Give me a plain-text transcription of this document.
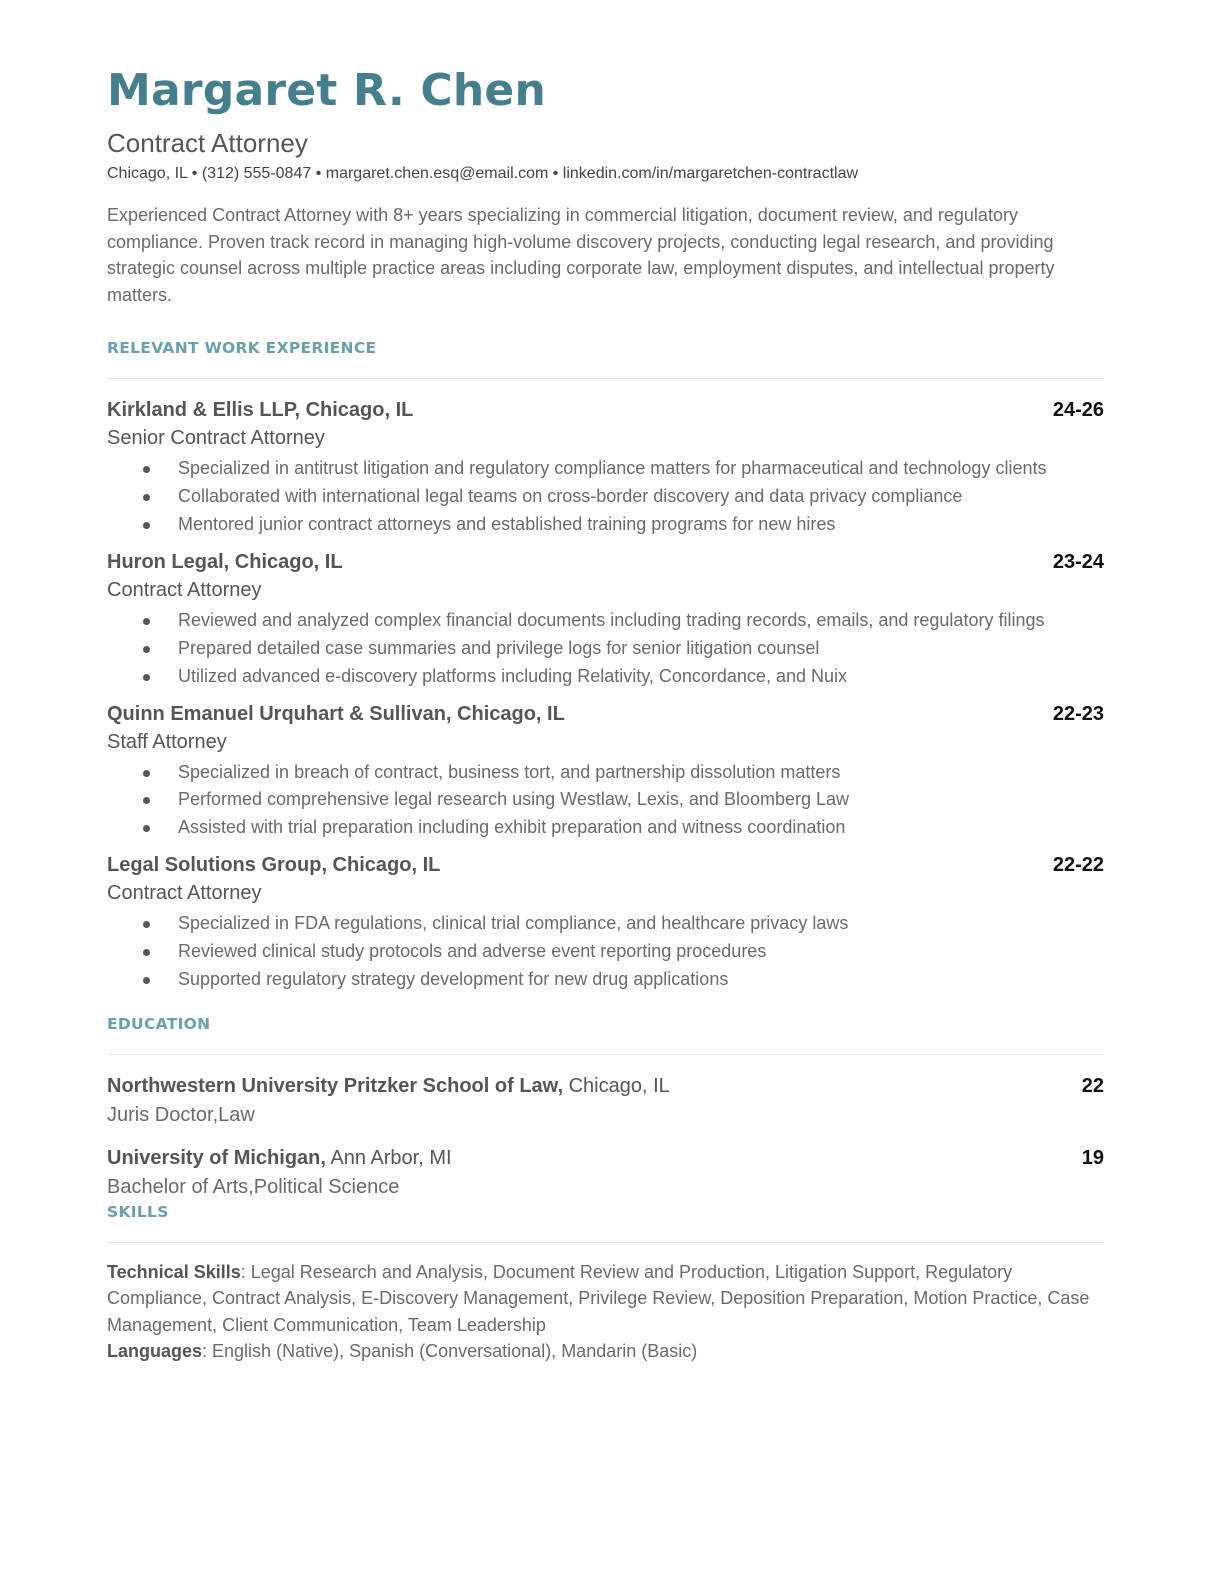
Margaret R. Chen
Contract Attorney
Chicago, IL • (312) 555-0847 • margaret.chen.esq@email.com • linkedin.com/in/margaretchen-contractlaw
Experienced Contract Attorney with 8+ years specializing in commercial litigation, document review, and regulatory compliance. Proven track record in managing high-volume discovery projects, conducting legal research, and providing strategic counsel across multiple practice areas including corporate law, employment disputes, and intellectual property matters.
RELEVANT WORK EXPERIENCE
Kirkland & Ellis LLP, Chicago, IL	24-26
Senior Contract Attorney
Specialized in antitrust litigation and regulatory compliance matters for pharmaceutical and technology clients
Collaborated with international legal teams on cross-border discovery and data privacy compliance
Mentored junior contract attorneys and established training programs for new hires
Huron Legal, Chicago, IL	23-24
Contract Attorney
Reviewed and analyzed complex financial documents including trading records, emails, and regulatory filings
Prepared detailed case summaries and privilege logs for senior litigation counsel
Utilized advanced e-discovery platforms including Relativity, Concordance, and Nuix
Quinn Emanuel Urquhart & Sullivan, Chicago, IL	22-23
Staff Attorney
Specialized in breach of contract, business tort, and partnership dissolution matters
Performed comprehensive legal research using Westlaw, Lexis, and Bloomberg Law
Assisted with trial preparation including exhibit preparation and witness coordination
Legal Solutions Group, Chicago, IL	22-22
Contract Attorney
Specialized in FDA regulations, clinical trial compliance, and healthcare privacy laws
Reviewed clinical study protocols and adverse event reporting procedures
Supported regulatory strategy development for new drug applications
EDUCATION
Northwestern University Pritzker School of Law, Chicago, IL	22
Juris Doctor,Law
University of Michigan, Ann Arbor, MI	19
Bachelor of Arts,Political Science
SKILLS
Technical Skills: Legal Research and Analysis, Document Review and Production, Litigation Support, Regulatory Compliance, Contract Analysis, E-Discovery Management, Privilege Review, Deposition Preparation, Motion Practice, Case Management, Client Communication, Team Leadership
Languages: English (Native), Spanish (Conversational), Mandarin (Basic)
